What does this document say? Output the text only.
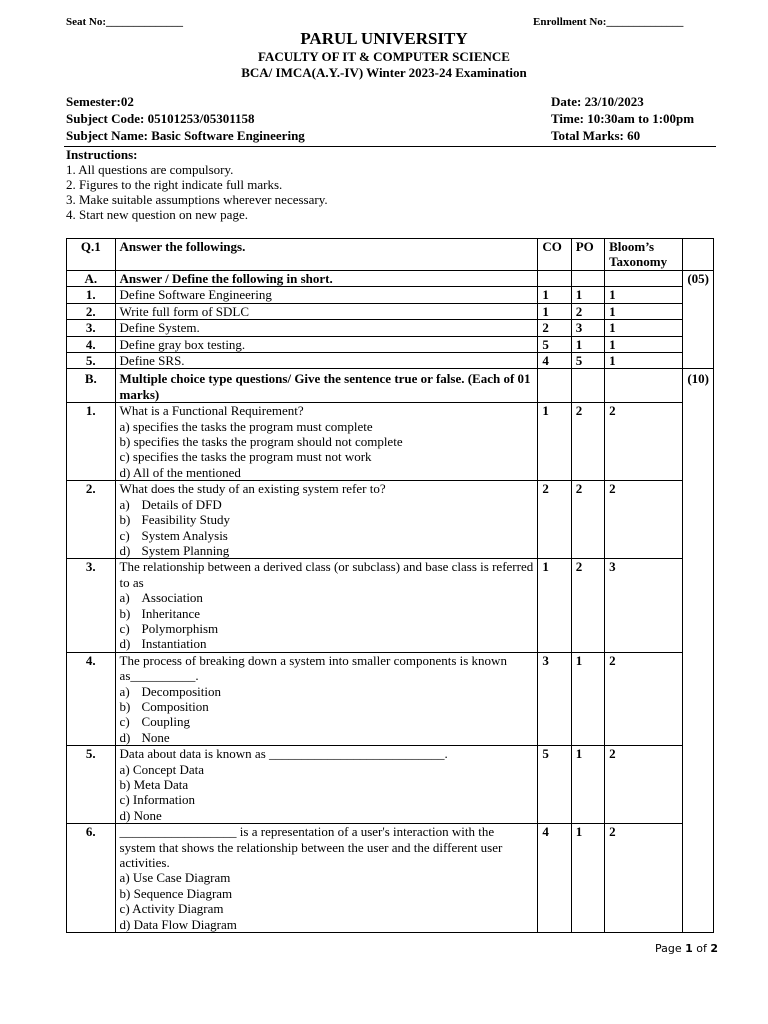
Seat No:______________	Enrollment No:______________
PARUL UNIVERSITY
FACULTY OF IT & COMPUTER SCIENCE
BCA/ IMCA(A.Y.-IV) Winter 2023-24 Examination
Semester:02
Subject Code: 05101253/05301158
Subject Name: Basic Software Engineering
Date: 23/10/2023
Time: 10:30am to 1:00pm
Total Marks: 60
Instructions:
1. All questions are compulsory.
2. Figures to the right indicate full marks.
3. Make suitable assumptions wherever necessary.
4. Start new question on new page.
Q.1	Answer the followings.	CO	PO	Bloom’s Taxonomy	
A.	Answer / Define the following in short.				(05)
1.	Define Software Engineering	1	1	1	
2.	Write full form of SDLC	1	2	1	
3.	Define System.	2	3	1	
4.	Define gray box testing.	5	1	1	
5.	Define SRS.	4	5	1	
B.	Multiple choice type questions/ Give the sentence true or false. (Each of 01 marks)				(10)
1.	What is a Functional Requirement?
a) specifies the tasks the program must complete
b) specifies the tasks the program should not complete
c) specifies the tasks the program must not work
d) All of the mentioned	1	2	2	
2.	What does the study of an existing system refer to?
a) Details of DFD
b) Feasibility Study
c) System Analysis
d) System Planning	2	2	2	
3.	The relationship between a derived class (or subclass) and base class is referred to as
a) Association
b) Inheritance
c) Polymorphism
d) Instantiation	1	2	3	
4.	The process of breaking down a system into smaller components is known as__________.
a) Decomposition
b) Composition
c) Coupling
d) None	3	1	2	
5.	Data about data is known as ___________________________.
a) Concept Data
b) Meta Data
c) Information
d) None	5	1	2	
6.	__________________ is a representation of a user's interaction with the system that shows the relationship between the user and the different user activities.
a) Use Case Diagram
b) Sequence Diagram
c) Activity Diagram
d) Data Flow Diagram	4	1	2	
Page 1 of 2
